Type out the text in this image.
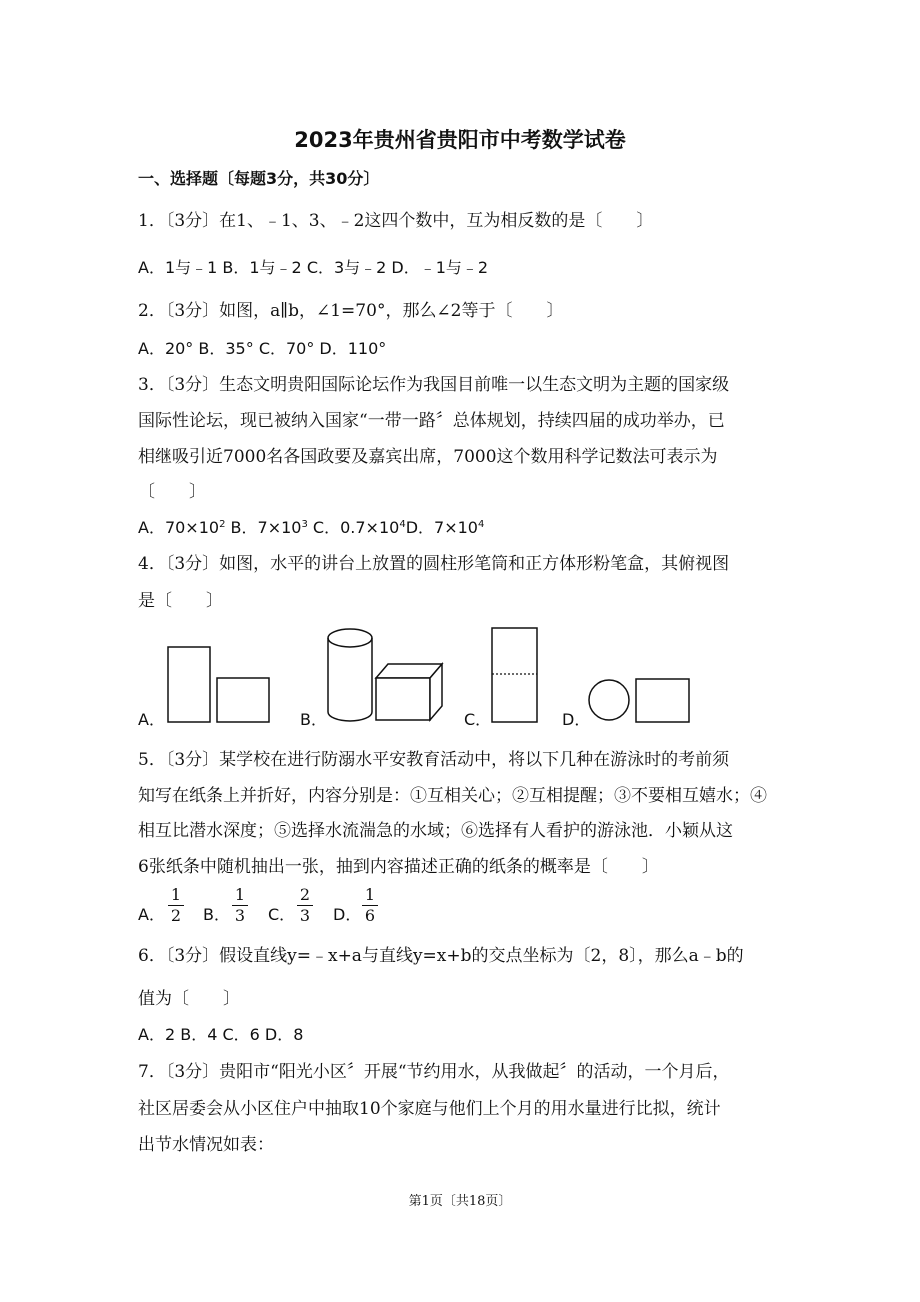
2023年贵州省贵阳市中考数学试卷
一、选择题〔每题3分，共30分〕
1．〔3分〕在1、﹣1、3、﹣2这四个数中，互为相反数的是〔　　〕
A．1与﹣1 B．1与﹣2 C．3与﹣2 D．﹣1与﹣2
2．〔3分〕如图，a∥b，∠1=70°，那么∠2等于〔　　〕
A．20° B．35° C．70° D．110°
3．〔3分〕生态文明贵阳国际论坛作为我国目前唯一以生态文明为主题的国家级
国际性论坛，现已被纳入国家“一带一路〞总体规划，持续四届的成功举办，已
相继吸引近7000名各国政要及嘉宾出席，7000这个数用科学记数法可表示为
〔　　〕
A．$70\times 10^2$ B．$7\times 10^3$ C．$0.7\times 10^4D$．$7\times 10^4$
4．〔3分〕如图，水平的讲台上放置的圆柱形笔筒和正方体形粉笔盒，其俯视图
是〔　　〕
A．	B．	C．	D．
5．〔3分〕某学校在进行防溺水平安教育活动中，将以下几种在游泳时的考前须
知写在纸条上并折好，内容分别是：①互相关心；②互相提醒；③不要相互嬉水；④
相互比潜水深度；⑤选择水流湍急的水域；⑥选择有人看护的游泳池．小颖从这
6张纸条中随机抽出一张，抽到内容描述正确的纸条的概率是〔　　〕
A．
1
2 B．
1
3 C．
2
3 D．
1
6
6．〔3分〕假设直线y=﹣x+a与直线y=x+b的交点坐标为〔2，8〕，那么a﹣b的
值为〔　　〕
A．2 B．4 C．6 D．8
7．〔3分〕贵阳市“阳光小区〞开展“节约用水，从我做起〞的活动，一个月后，
社区居委会从小区住户中抽取10个家庭与他们上个月的用水量进行比拟，统计
出节水情况如表：
第1页〔共18页〕
